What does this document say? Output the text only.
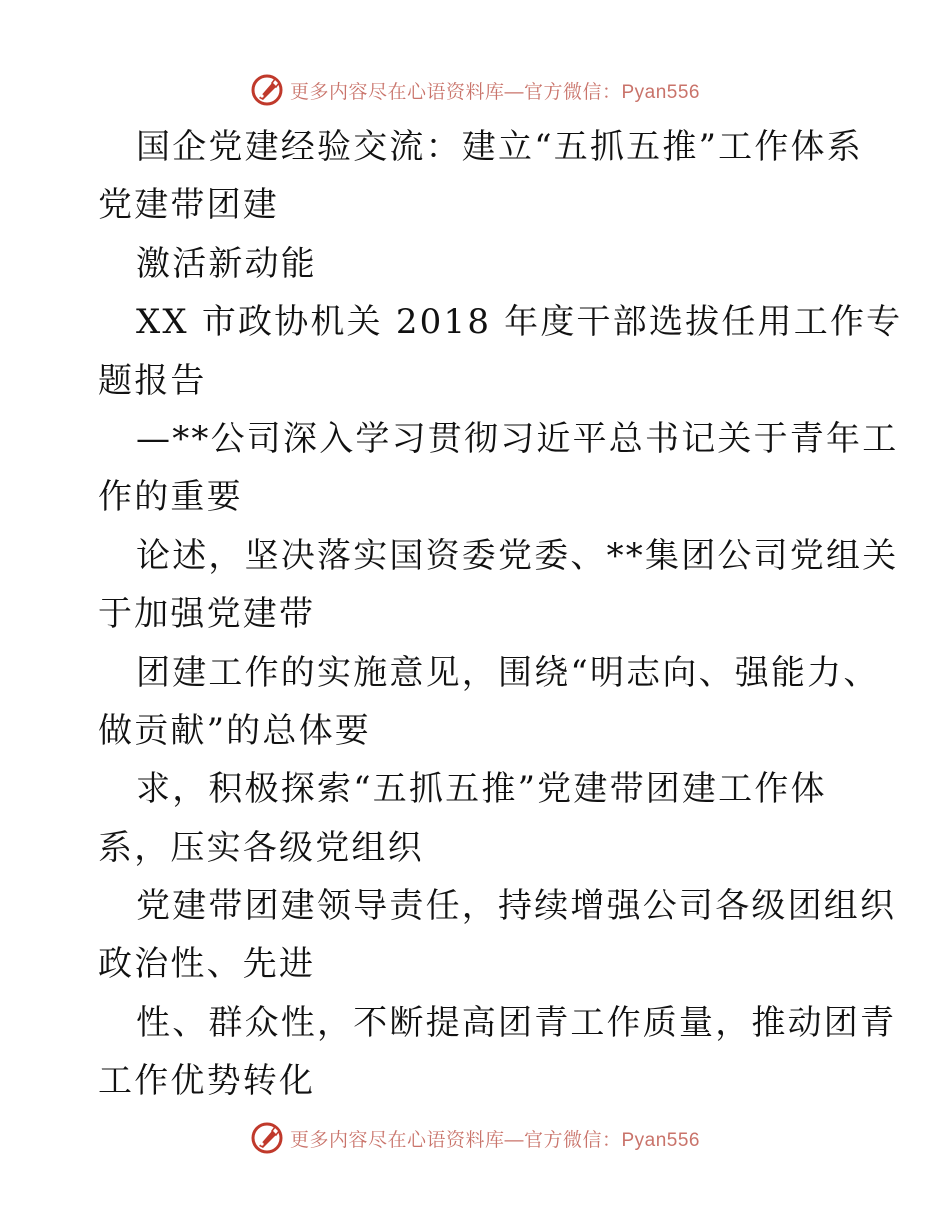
更多内容尽在心语资料库—官方微信：Pyan556
国企党建经验交流：建立“五抓五推”工作体系
党建带团建
激活新动能
XX 市政协机关 2018 年度干部选拔任用工作专
题报告
—**公司深入学习贯彻习近平总书记关于青年工
作的重要
论述，坚决落实国资委党委、**集团公司党组关
于加强党建带
团建工作的实施意见，围绕“明志向、强能力、
做贡献”的总体要
求，积极探索“五抓五推”党建带团建工作体
系，压实各级党组织
党建带团建领导责任，持续增强公司各级团组织
政治性、先进
性、群众性，不断提高团青工作质量，推动团青
工作优势转化
更多内容尽在心语资料库—官方微信：Pyan556
